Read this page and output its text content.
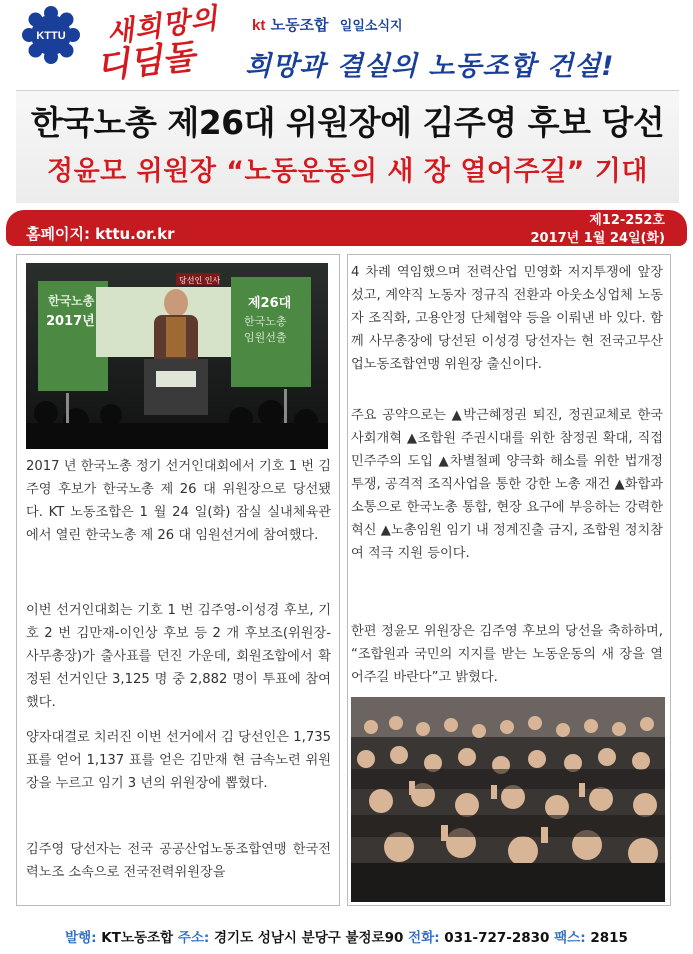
KTTU 새희망의
디딤돌
kt 노동조합 일일소식지
희망과 결실의 노동조합 건설!
한국노총 제26대 위원장에 김주영 후보 당선
정윤모 위원장 “노동운동의 새 장 열어주길” 기대
홈페이지: kttu.or.kr
제12-252호
2017년 1월 24일(화)
한국노총
2017년
제26대
한국노총
임원선출
당선인 인사
2017 년 한국노총 정기 선거인대회에서 기호 1 번 김주영 후보가 한국노총 제 26 대 위원장으로 당선됐다. KT 노동조합은 1 월 24 일(화) 잠실 실내체육관에서 열린 한국노총 제 26 대 임원선거에 참여했다.
이번 선거인대회는 기호 1 번 김주영-이성경 후보, 기호 2 번 김만재-이인상 후보 등 2 개 후보조(위원장-사무총장)가 출사표를 던진 가운데, 회원조합에서 확정된 선거인단 3,125 명 중 2,882 명이 투표에 참여했다.
양자대결로 치러진 이번 선거에서 김 당선인은 1,735 표를 얻어 1,137 표를 얻은 김만재 현 금속노련 위원장을 누르고 임기 3 년의 위원장에 뽑혔다.
김주영 당선자는 전국 공공산업노동조합연맹 한국전력노조 소속으로 전국전력위원장을
4 차례 역임했으며 전력산업 민영화 저지투쟁에 앞장섰고, 계약직 노동자 정규직 전환과 아웃소싱업체 노동자 조직화, 고용안정 단체협약 등을 이뤄낸 바 있다. 함께 사무총장에 당선된 이성경 당선자는 현 전국고무산업노동조합연맹 위원장 출신이다.
주요 공약으로는 ▲박근혜정권 퇴진, 정권교체로 한국사회개혁 ▲조합원 주권시대를 위한 참정권 확대, 직접민주주의 도입 ▲차별철폐 양극화 해소를 위한 법개정 투쟁, 공격적 조직사업을 통한 강한 노총 재건 ▲화합과 소통으로 한국노총 통합, 현장 요구에 부응하는 강력한 혁신 ▲노총임원 임기 내 정계진출 금지, 조합원 정치참여 적극 지원 등이다.
한편 정윤모 위원장은 김주영 후보의 당선을 축하하며, “조합원과 국민의 지지를 받는 노동운동의 새 장을 열어주길 바란다”고 밝혔다.
발행: KT노동조합 주소: 경기도 성남시 분당구 불정로90 전화: 031-727-2830 팩스: 2815
